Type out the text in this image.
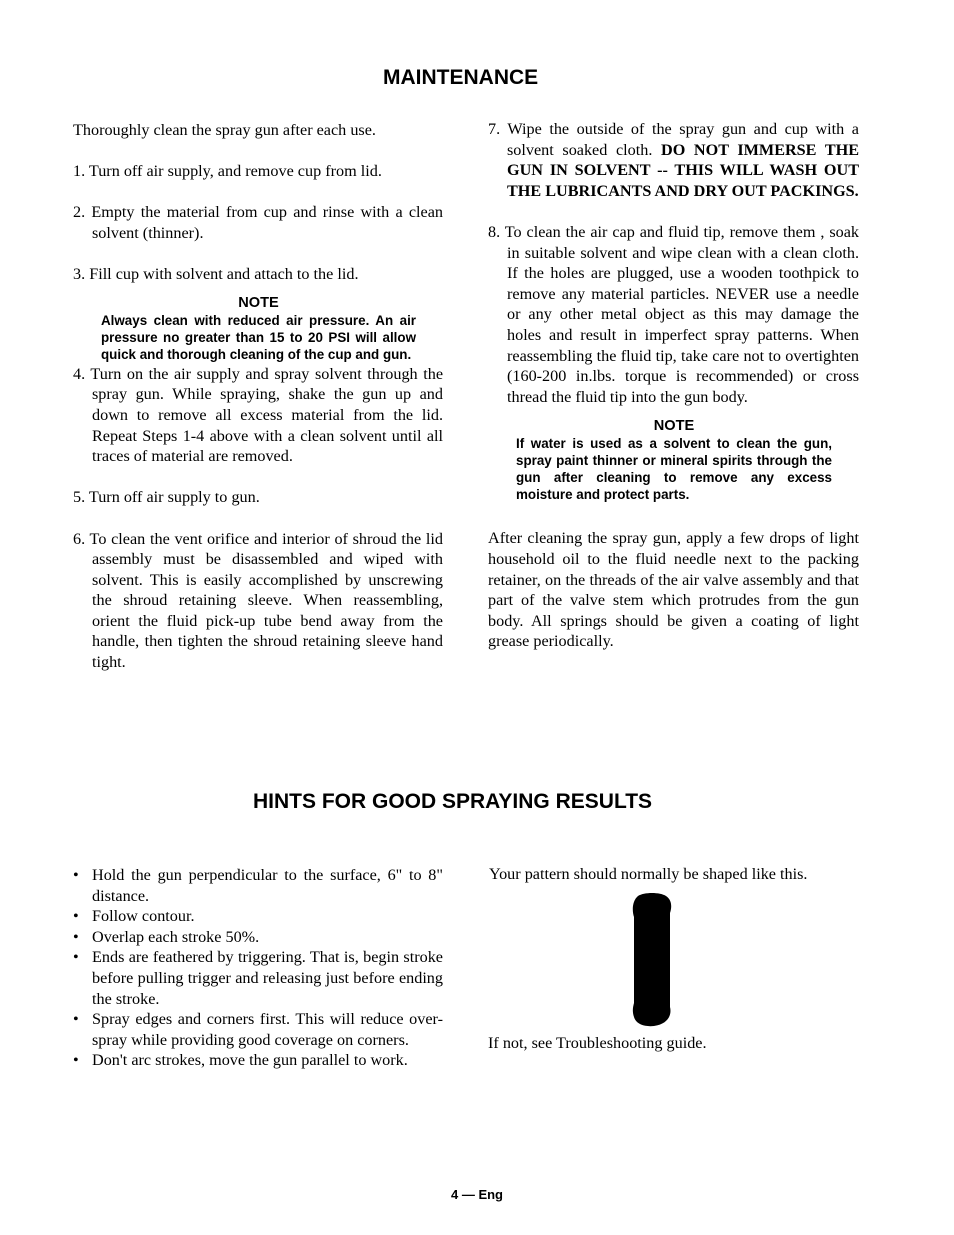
MAINTENANCE

Thoroughly clean the spray gun after each use.

1. Turn off air supply, and remove cup from lid.

2. Empty the material from cup and rinse with a clean solvent (thinner).

3. Fill cup with solvent and attach to the lid.

NOTE

Always clean with reduced air pressure. An air pressure no greater than 15 to 20 PSI will allow quick and thorough cleaning of the cup and gun.

4. Turn on the air supply and spray solvent through the spray gun. While spraying, shake the gun up and down to remove all excess material from the lid. Repeat Steps 1-4 above with a clean solvent until all traces of material are removed.

5. Turn off air supply to gun.

6. To clean the vent orifice and interior of shroud the lid assembly must be disassembled and wiped with solvent. This is easily accomplished by unscrewing the shroud retaining sleeve. When reassembling, orient the fluid pick-up tube bend away from the handle, then tighten the shroud retaining sleeve hand tight.

7. Wipe the outside of the spray gun and cup with a solvent soaked cloth. DO NOT IMMERSE THE GUN IN SOLVENT -- THIS WILL WASH OUT THE LUBRICANTS AND DRY OUT PACKINGS.

8. To clean the air cap and fluid tip, remove them , soak in suitable solvent and wipe clean with a clean cloth. If the holes are plugged, use a wooden toothpick to remove any material particles. NEVER use a needle or any other metal object as this may damage the holes and result in imperfect spray patterns. When reassembling the fluid tip, take care not to overtighten (160-200 in.lbs. torque is recommended) or cross thread the fluid tip into the gun body.

NOTE

If water is used as a solvent to clean the gun, spray paint thinner or mineral spirits through the gun after cleaning to remove any excess moisture and protect parts.

After cleaning the spray gun, apply a few drops of light household oil to the fluid needle next to the packing retainer, on the threads of the air valve assembly and that part of the valve stem which protrudes from the gun body. All springs should be given a coating of light grease periodically.

HINTS FOR GOOD SPRAYING RESULTS
• Hold the gun perpendicular to the surface, 6" to 8" distance.
• Follow contour.
• Overlap each stroke 50%.
• Ends are feathered by triggering. That is, begin stroke before pulling trigger and releasing just before ending the stroke.
• Spray edges and corners first. This will reduce over-spray while providing good coverage on corners.
• Don't arc strokes, move the gun parallel to work.

Your pattern should normally be shaped like this.

If not, see Troubleshooting guide.

4 — Eng
